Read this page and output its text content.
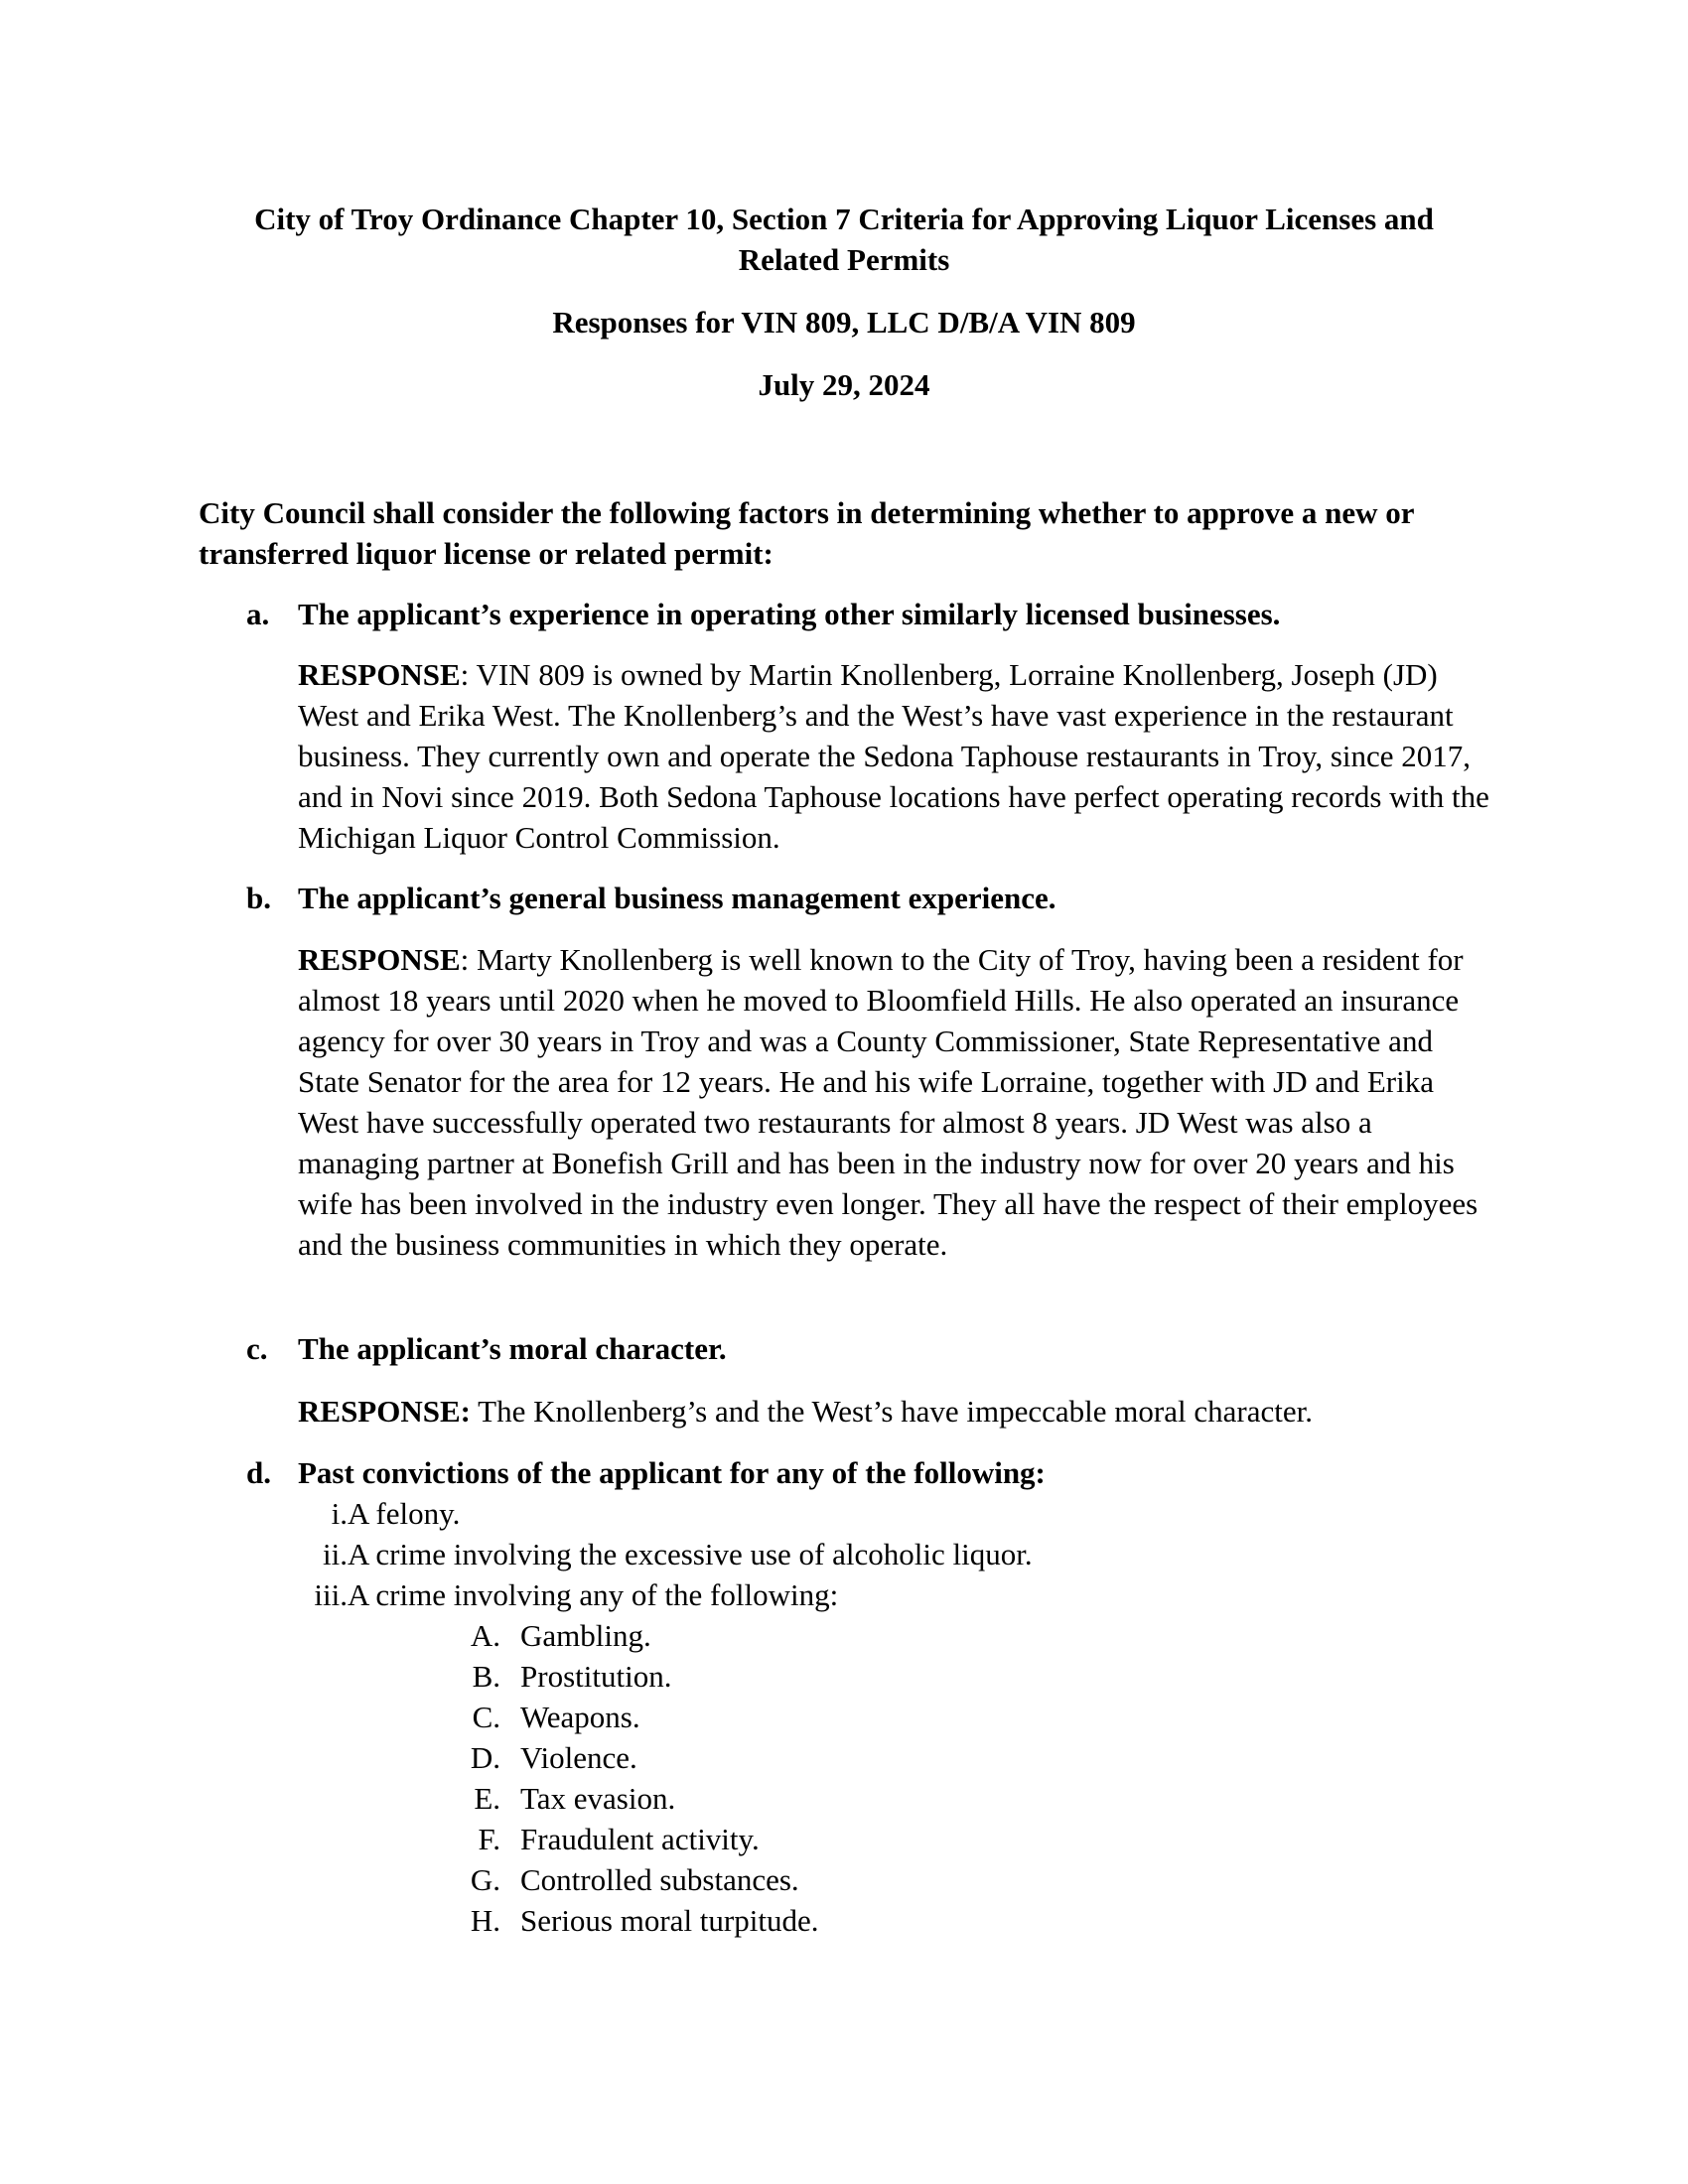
City of Troy Ordinance Chapter 10, Section 7 Criteria for Approving Liquor Licenses and
Related Permits
Responses for VIN 809, LLC D/B/A VIN 809
July 29, 2024
City Council shall consider the following factors in determining whether to approve a new or transferred liquor license or related permit:
a. The applicant’s experience in operating other similarly licensed businesses.
RESPONSE: VIN 809 is owned by Martin Knollenberg, Lorraine Knollenberg, Joseph (JD) West and Erika West. The Knollenberg’s and the West’s have vast experience in the restaurant business. They currently own and operate the Sedona Taphouse restaurants in Troy, since 2017, and in Novi since 2019. Both Sedona Taphouse locations have perfect operating records with the Michigan Liquor Control Commission.
b. The applicant’s general business management experience.
RESPONSE: Marty Knollenberg is well known to the City of Troy, having been a resident for almost 18 years until 2020 when he moved to Bloomfield Hills. He also operated an insurance agency for over 30 years in Troy and was a County Commissioner, State Representative and State Senator for the area for 12 years. He and his wife Lorraine, together with JD and Erika West have successfully operated two restaurants for almost 8 years. JD West was also a managing partner at Bonefish Grill and has been in the industry now for over 20 years and his wife has been involved in the industry even longer. They all have the respect of their employees and the business communities in which they operate.
c. The applicant’s moral character.
RESPONSE: The Knollenberg’s and the West’s have impeccable moral character.
d. Past convictions of the applicant for any of the following:
i. A felony.
ii. A crime involving the excessive use of alcoholic liquor.
iii. A crime involving any of the following:
A. Gambling.
B. Prostitution.
C. Weapons.
D. Violence.
E. Tax evasion.
F. Fraudulent activity.
G. Controlled substances.
H. Serious moral turpitude.
